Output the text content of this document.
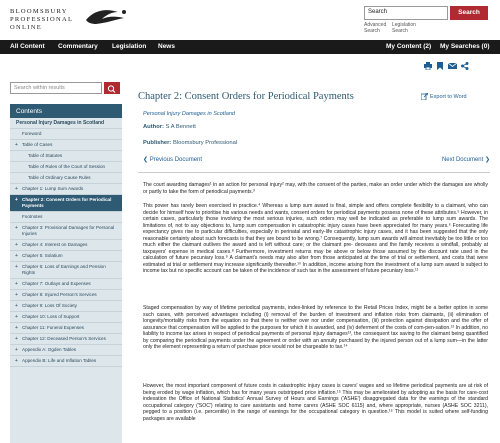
BLOOMSBURY
PROFESSIONAL
ONLINE
Search	Search
Advanced
Search
Legislation
Search
All Content Commentary Legislation News	My Content (2) My Searches (0)
Search within results
Contents
Personal Injury Damages in Scotland
Foreword
+ Table of Cases
Table of Statutes
Table of Rules of the Court of Session
Table of Ordinary Cause Rules
+ Chapter 1: Lump Sum Awards
+ Chapter 2: Consent Orders for Periodical Payments
Footnotes
+ Chapter 3: Provisional Damages for Personal Injuries
+ Chapter 4: Interest on Damages
+ Chapter 5: Solatium
+ Chapter 6: Loss of Earnings and Pension Rights
+ Chapter 7: Outlays and Expenses
+ Chapter 8: Injured Person's Services
+ Chapter 9: Loss Of Society
+ Chapter 10: Loss of Support
+ Chapter 11: Funeral Expenses
+ Chapter 12: Deceased Person's Services
+ Appendix A: Ogden Tables
+ Appendix B: Life and Inflation Tables
Chapter 2: Consent Orders for Periodical Payments	Export to Word
Personal Injury Damages in Scotland
Author: S A Bennett
Publisher: Bloomsbury Professional
❮ Previous Document	Next Document ❯
The court awarding damages¹ in an action for personal injury² may, with the consent of the parties, make an order under which the damages are wholly or partly to take the form of periodical payments.³
This power has rarely been exercised in practice.⁴ Whereas a lump sum award is final, simple and offers complete flexibility to a claimant, who can decide for himself how to prioritise his various needs and wants, consent orders for periodical payments possess none of these attributes.⁵ However, in certain cases, particularly those involving the most serious injuries, such orders may well be indicated as preferable to lump sum awards. The limitations of, not to say objections to, lump sum compensation in catastrophic injury cases have been appreciated for many years.⁶ Forecasting life expectancy gives rise to particular difficulties, especially in perinatal and early-life catastrophic injury cases, and it has been suggested that the only reasonable certainty about such forecasts is that they are bound to be wrong.⁷ Consequently, lump sum awards will almost inevitably be too little or too much either the claimant outlives the award and is left without care; or the claimant pre- deceases and the family receives a windfall, probably at taxpayers' expense in medical cases.⁸ Furthermore, investment returns may be above or below those assumed by the discount rate used in the calculation of future pecuniary loss.⁹ A claimant's needs may also alter from those anticipated at the time of trial or settlement, and costs that were estimated at trial or settlement may increase significantly thereafter.¹⁰ In addition, income arising from the investment of a lump sum award is subject to income tax but no specific account can be taken of the incidence of such tax in the assessment of future pecuniary loss.¹¹
Staged compensation by way of lifetime periodical payments, index-linked by reference to the Retail Prices Index, might be a better option in some such cases, with perceived advantages including (i) removal of the burden of investment and inflation risks from claimants, (ii) elimination of longevity/mortality risks from the equation so that there is neither over nor under compensation, (iii) protection against dissipation and the offer of assurance that compensation will be applied to the purposes for which it is awarded, and (iv) deferment of the costs of com-pen-sation.¹² In addition, no liability to income tax arises in respect of periodical payments of personal injury damages¹³, the consequent tax saving to the claimant being quantified by comparing the periodical payments under the agreement or order with an annuity purchased by the injured person out of a lump sum—in the latter only the element representing a return of purchase price would not be chargeable to tax.¹⁴
However, the most important component of future costs in catastrophic injury cases is carers' wages and so lifetime periodical payments are at risk of being eroded by wage inflation, which has for many years outstripped price inflation.¹⁵ This may be ameliorated by adopting as the basis for care-cost indexation the Office of National Statistics' Annual Survey of Hours and Earnings ('ASHE') disaggregated data for the earnings of the standard occupational category ('SOC') relating to care assistants and home carers (ASHE SOC 6115) and, where appropriate, nurses (ASHE SOC 3211), pegged to a position (i.e. percentile) in the range of earnings for the occupational category in question.¹⁶ This model is suited where self-funding packages are available
